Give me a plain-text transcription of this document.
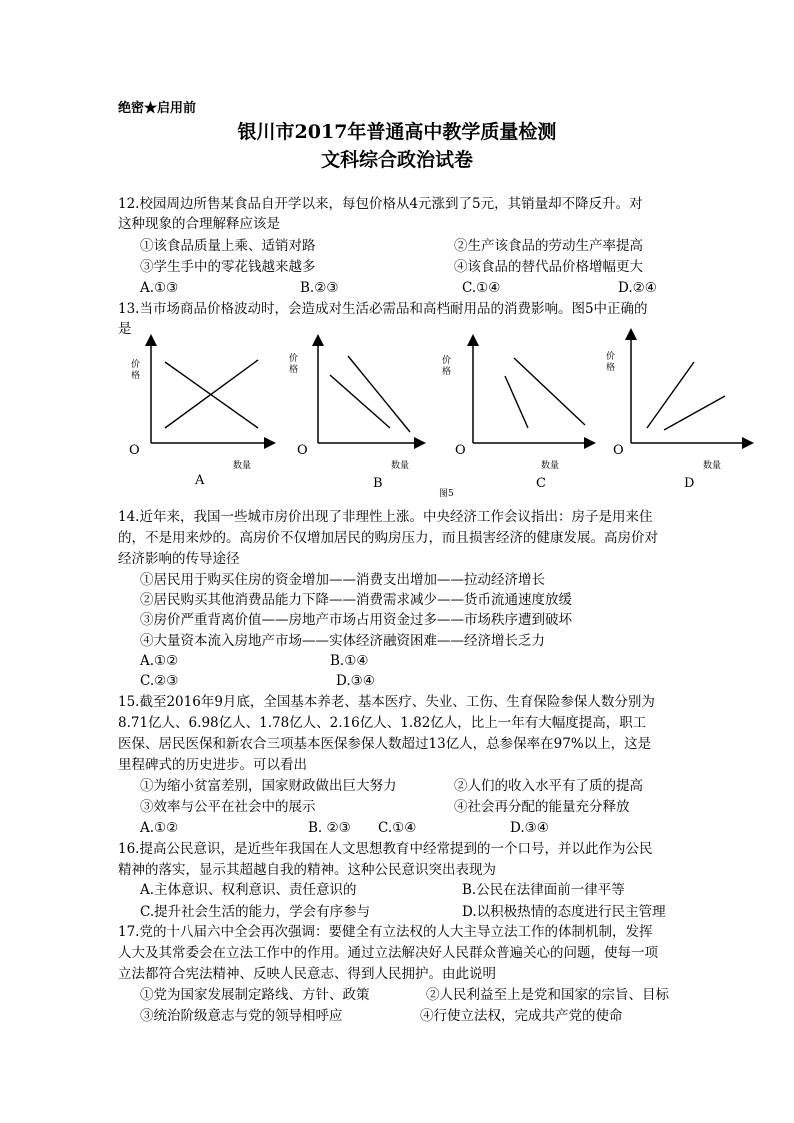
绝密★启用前
银川市2017年普通高中教学质量检测
文科综合政治试卷
12.校园周边所售某食品自开学以来，每包价格从4元涨到了5元，其销量却不降反升。对
这种现象的合理解释应该是
①该食品质量上乘、适销对路	②生产该食品的劳动生产率提高
③学生手中的零花钱越来越多	④该食品的替代品价格增幅更大
A.①③	B.②③	C.①④	D.②④
13.当市场商品价格波动时，会造成对生活必需品和高档耐用品的消费影响。图5中正确的
是
价格
价格
价格
价格
O	O	O	O
数量	数量	数量	数量
A	B	C	D
图5
14.近年来，我国一些城市房价出现了非理性上涨。中央经济工作会议指出：房子是用来住
的，不是用来炒的。高房价不仅增加居民的购房压力，而且损害经济的健康发展。高房价对
经济影响的传导途径
①居民用于购买住房的资金增加——消费支出增加——拉动经济增长
②居民购买其他消费品能力下降——消费需求减少——货币流通速度放缓
③房价严重背离价值——房地产市场占用资金过多——市场秩序遭到破坏
④大量资本流入房地产市场——实体经济融资困难——经济增长乏力
A.①②	B.①④
C.②③	D.③④
15.截至2016年9月底，全国基本养老、基本医疗、失业、工伤、生育保险参保人数分别为
8.71亿人、6.98亿人、1.78亿人、2.16亿人、1.82亿人，比上一年有大幅度提高，职工
医保、居民医保和新农合三项基本医保参保人数超过13亿人，总参保率在97%以上，这是
里程碑式的历史进步。可以看出
①为缩小贫富差别，国家财政做出巨大努力	②人们的收入水平有了质的提高
③效率与公平在社会中的展示	④社会再分配的能量充分释放
A.①②	B. ②③ C.①④	D.③④
16.提高公民意识，是近些年我国在人文思想教育中经常提到的一个口号，并以此作为公民
精神的落实，显示其超越自我的精神。这种公民意识突出表现为
A.主体意识、权利意识、责任意识的	B.公民在法律面前一律平等
C.提升社会生活的能力，学会有序参与	D.以积极热情的态度进行民主管理
17.党的十八届六中全会再次强调：要健全有立法权的人大主导立法工作的体制机制，发挥
人大及其常委会在立法工作中的作用。通过立法解决好人民群众普遍关心的问题，使每一项
立法都符合宪法精神、反映人民意志、得到人民拥护。由此说明
①党为国家发展制定路线、方针、政策	②人民利益至上是党和国家的宗旨、目标
③统治阶级意志与党的领导相呼应	④行使立法权，完成共产党的使命
